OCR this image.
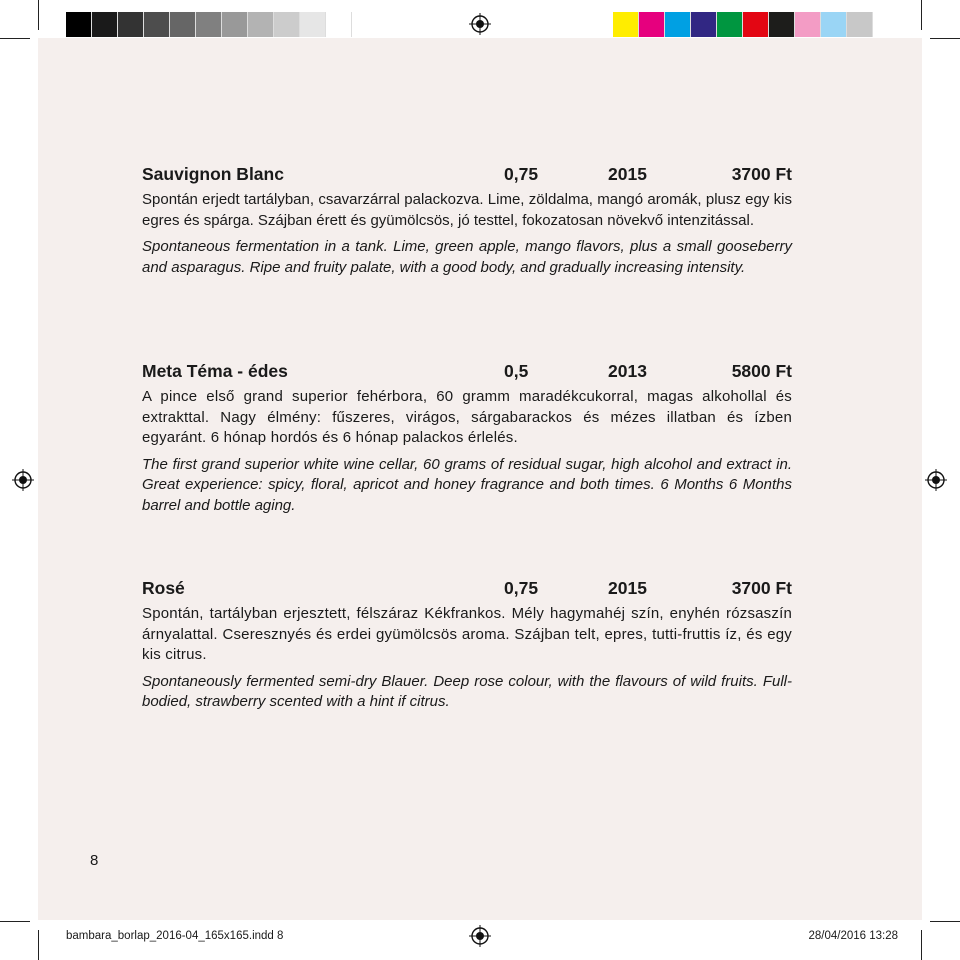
Sauvignon Blanc	0,75	2015	3700 Ft

Spontán erjedt tartályban, csavarzárral palackozva. Lime, zöldalma, mangó aromák, plusz egy kis egres és spárga. Szájban érett és gyümölcsös, jó testtel, fokozatosan növekvő intenzitással.

Spontaneous fermentation in a tank. Lime, green apple, mango flavors, plus a small gooseberry and asparagus. Ripe and fruity palate, with a good body, and gradually increasing intensity.

Meta Téma - édes	0,5	2013	5800 Ft

A pince első grand superior fehérbora, 60 gramm maradékcukorral, magas alkohollal és extrakttal. Nagy élmény: fűszeres, virágos, sárgabarackos és mézes illatban és ízben egyaránt. 6 hónap hordós és 6 hónap palackos érlelés.

The first grand superior white wine cellar, 60 grams of residual sugar, high alcohol and extract in. Great experience: spicy, floral, apricot and honey fragrance and both times. 6 Months 6 Months barrel and bottle aging.

Rosé	0,75	2015	3700 Ft

Spontán, tartályban erjesztett, félszáraz Kékfrankos. Mély hagymahéj szín, enyhén rózsaszín árnyalattal. Cseresznyés és erdei gyümölcsös aroma. Szájban telt, epres, tutti-fruttis íz, és egy kis citrus.

Spontaneously fermented semi-dry Blauer. Deep rose colour, with the flavours of wild fruits. Full-bodied, strawberry scented with a hint if citrus.

8
bambara_borlap_2016-04_165x165.indd 8	28/04/2016 13:28
